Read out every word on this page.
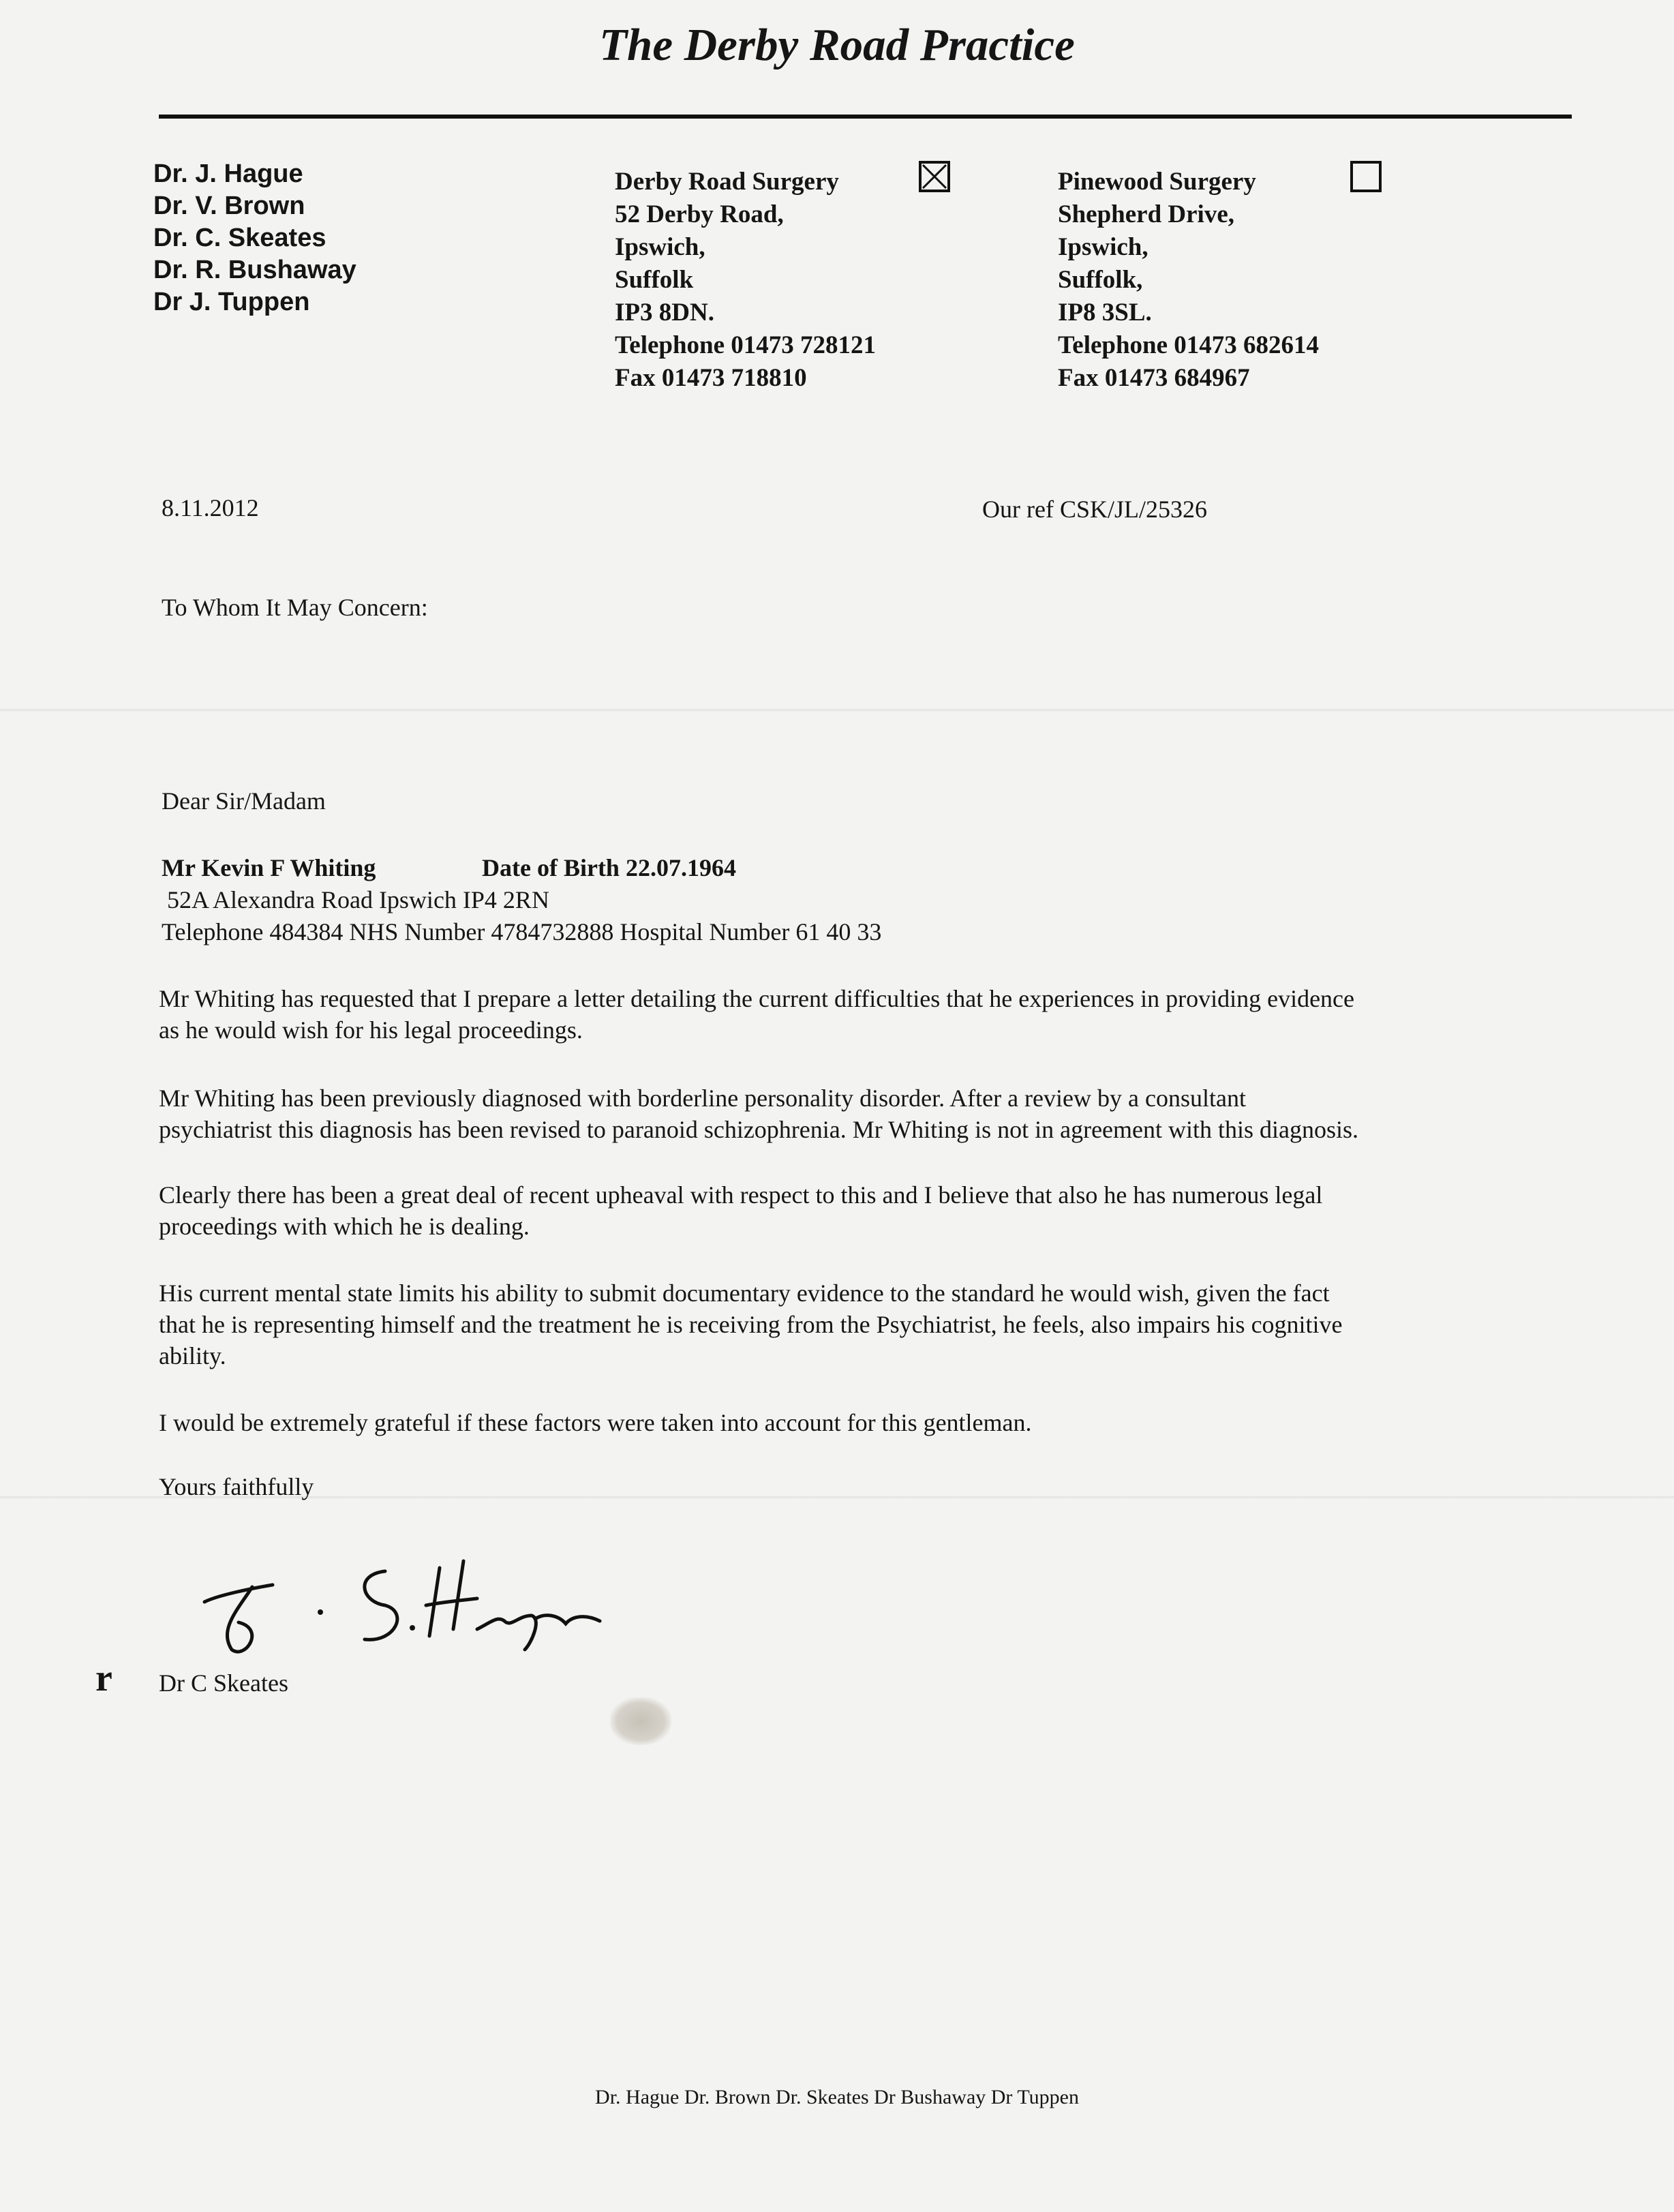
The Derby Road Practice
Dr. J. Hague
Dr. V. Brown
Dr. C. Skeates
Dr. R. Bushaway
Dr J. Tuppen
Derby Road Surgery
52 Derby Road,
Ipswich,
Suffolk
IP3 8DN.
Telephone 01473 728121
Fax 01473 718810
Pinewood Surgery
Shepherd Drive,
Ipswich,
Suffolk,
IP8 3SL.
Telephone 01473 682614
Fax 01473 684967
8.11.2012	Our ref CSK/JL/25326
To Whom It May Concern:
Dear Sir/Madam
Mr Kevin F Whiting	Date of Birth 22.07.1964
52A Alexandra Road Ipswich IP4 2RN
Telephone 484384 NHS Number 4784732888 Hospital Number 61 40 33
Mr Whiting has requested that I prepare a letter detailing the current difficulties that he experiences in providing evidence
as he would wish for his legal proceedings.
Mr Whiting has been previously diagnosed with borderline personality disorder. After a review by a consultant
psychiatrist this diagnosis has been revised to paranoid schizophrenia. Mr Whiting is not in agreement with this diagnosis.
Clearly there has been a great deal of recent upheaval with respect to this and I believe that also he has numerous legal
proceedings with which he is dealing.
His current mental state limits his ability to submit documentary evidence to the standard he would wish, given the fact
that he is representing himself and the treatment he is receiving from the Psychiatrist, he feels, also impairs his cognitive
ability.
I would be extremely grateful if these factors were taken into account for this gentleman.
Yours faithfully
r Dr C Skeates
Dr. Hague Dr. Brown Dr. Skeates Dr Bushaway Dr Tuppen
